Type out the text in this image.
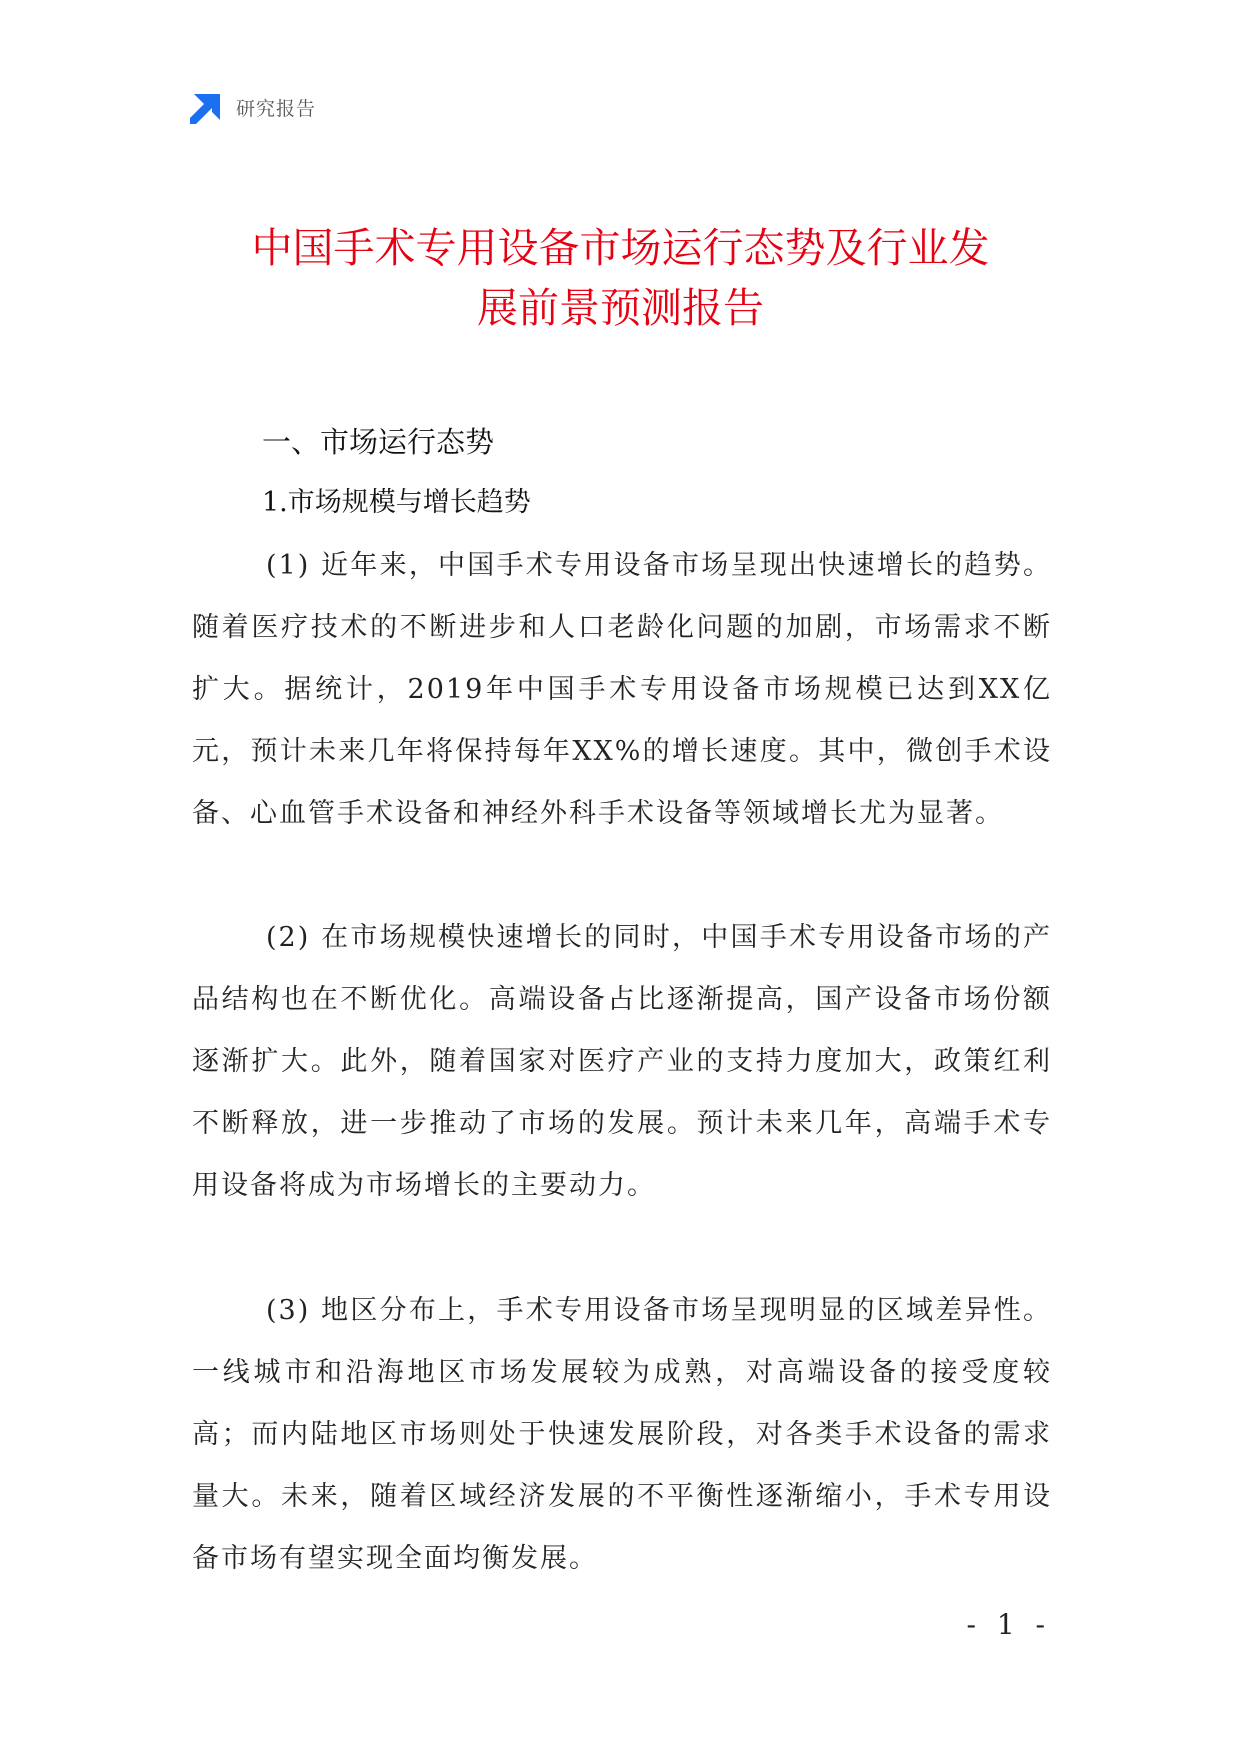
研究报告
中国手术专用设备市场运行态势及行业发
展前景预测报告
一、市场运行态势
1.市场规模与增长趋势

(1) 近年来，中国手术专用设备市场呈现出快速增长的趋势。随着医疗技术的不断进步和人口老龄化问题的加剧，市场需求不断扩大。据统计，2019年中国手术专用设备市场规模已达到XX亿元，预计未来几年将保持每年XX%的增长速度。其中，微创手术设备、心血管手术设备和神经外科手术设备等领域增长尤为显著。

(2) 在市场规模快速增长的同时，中国手术专用设备市场的产品结构也在不断优化。高端设备占比逐渐提高，国产设备市场份额逐渐扩大。此外，随着国家对医疗产业的支持力度加大，政策红利不断释放，进一步推动了市场的发展。预计未来几年，高端手术专用设备将成为市场增长的主要动力。

(3) 地区分布上，手术专用设备市场呈现明显的区域差异性。一线城市和沿海地区市场发展较为成熟，对高端设备的接受度较高；而内陆地区市场则处于快速发展阶段，对各类手术设备的需求量大。未来，随着区域经济发展的不平衡性逐渐缩小，手术专用设备市场有望实现全面均衡发展。

- 1 -
